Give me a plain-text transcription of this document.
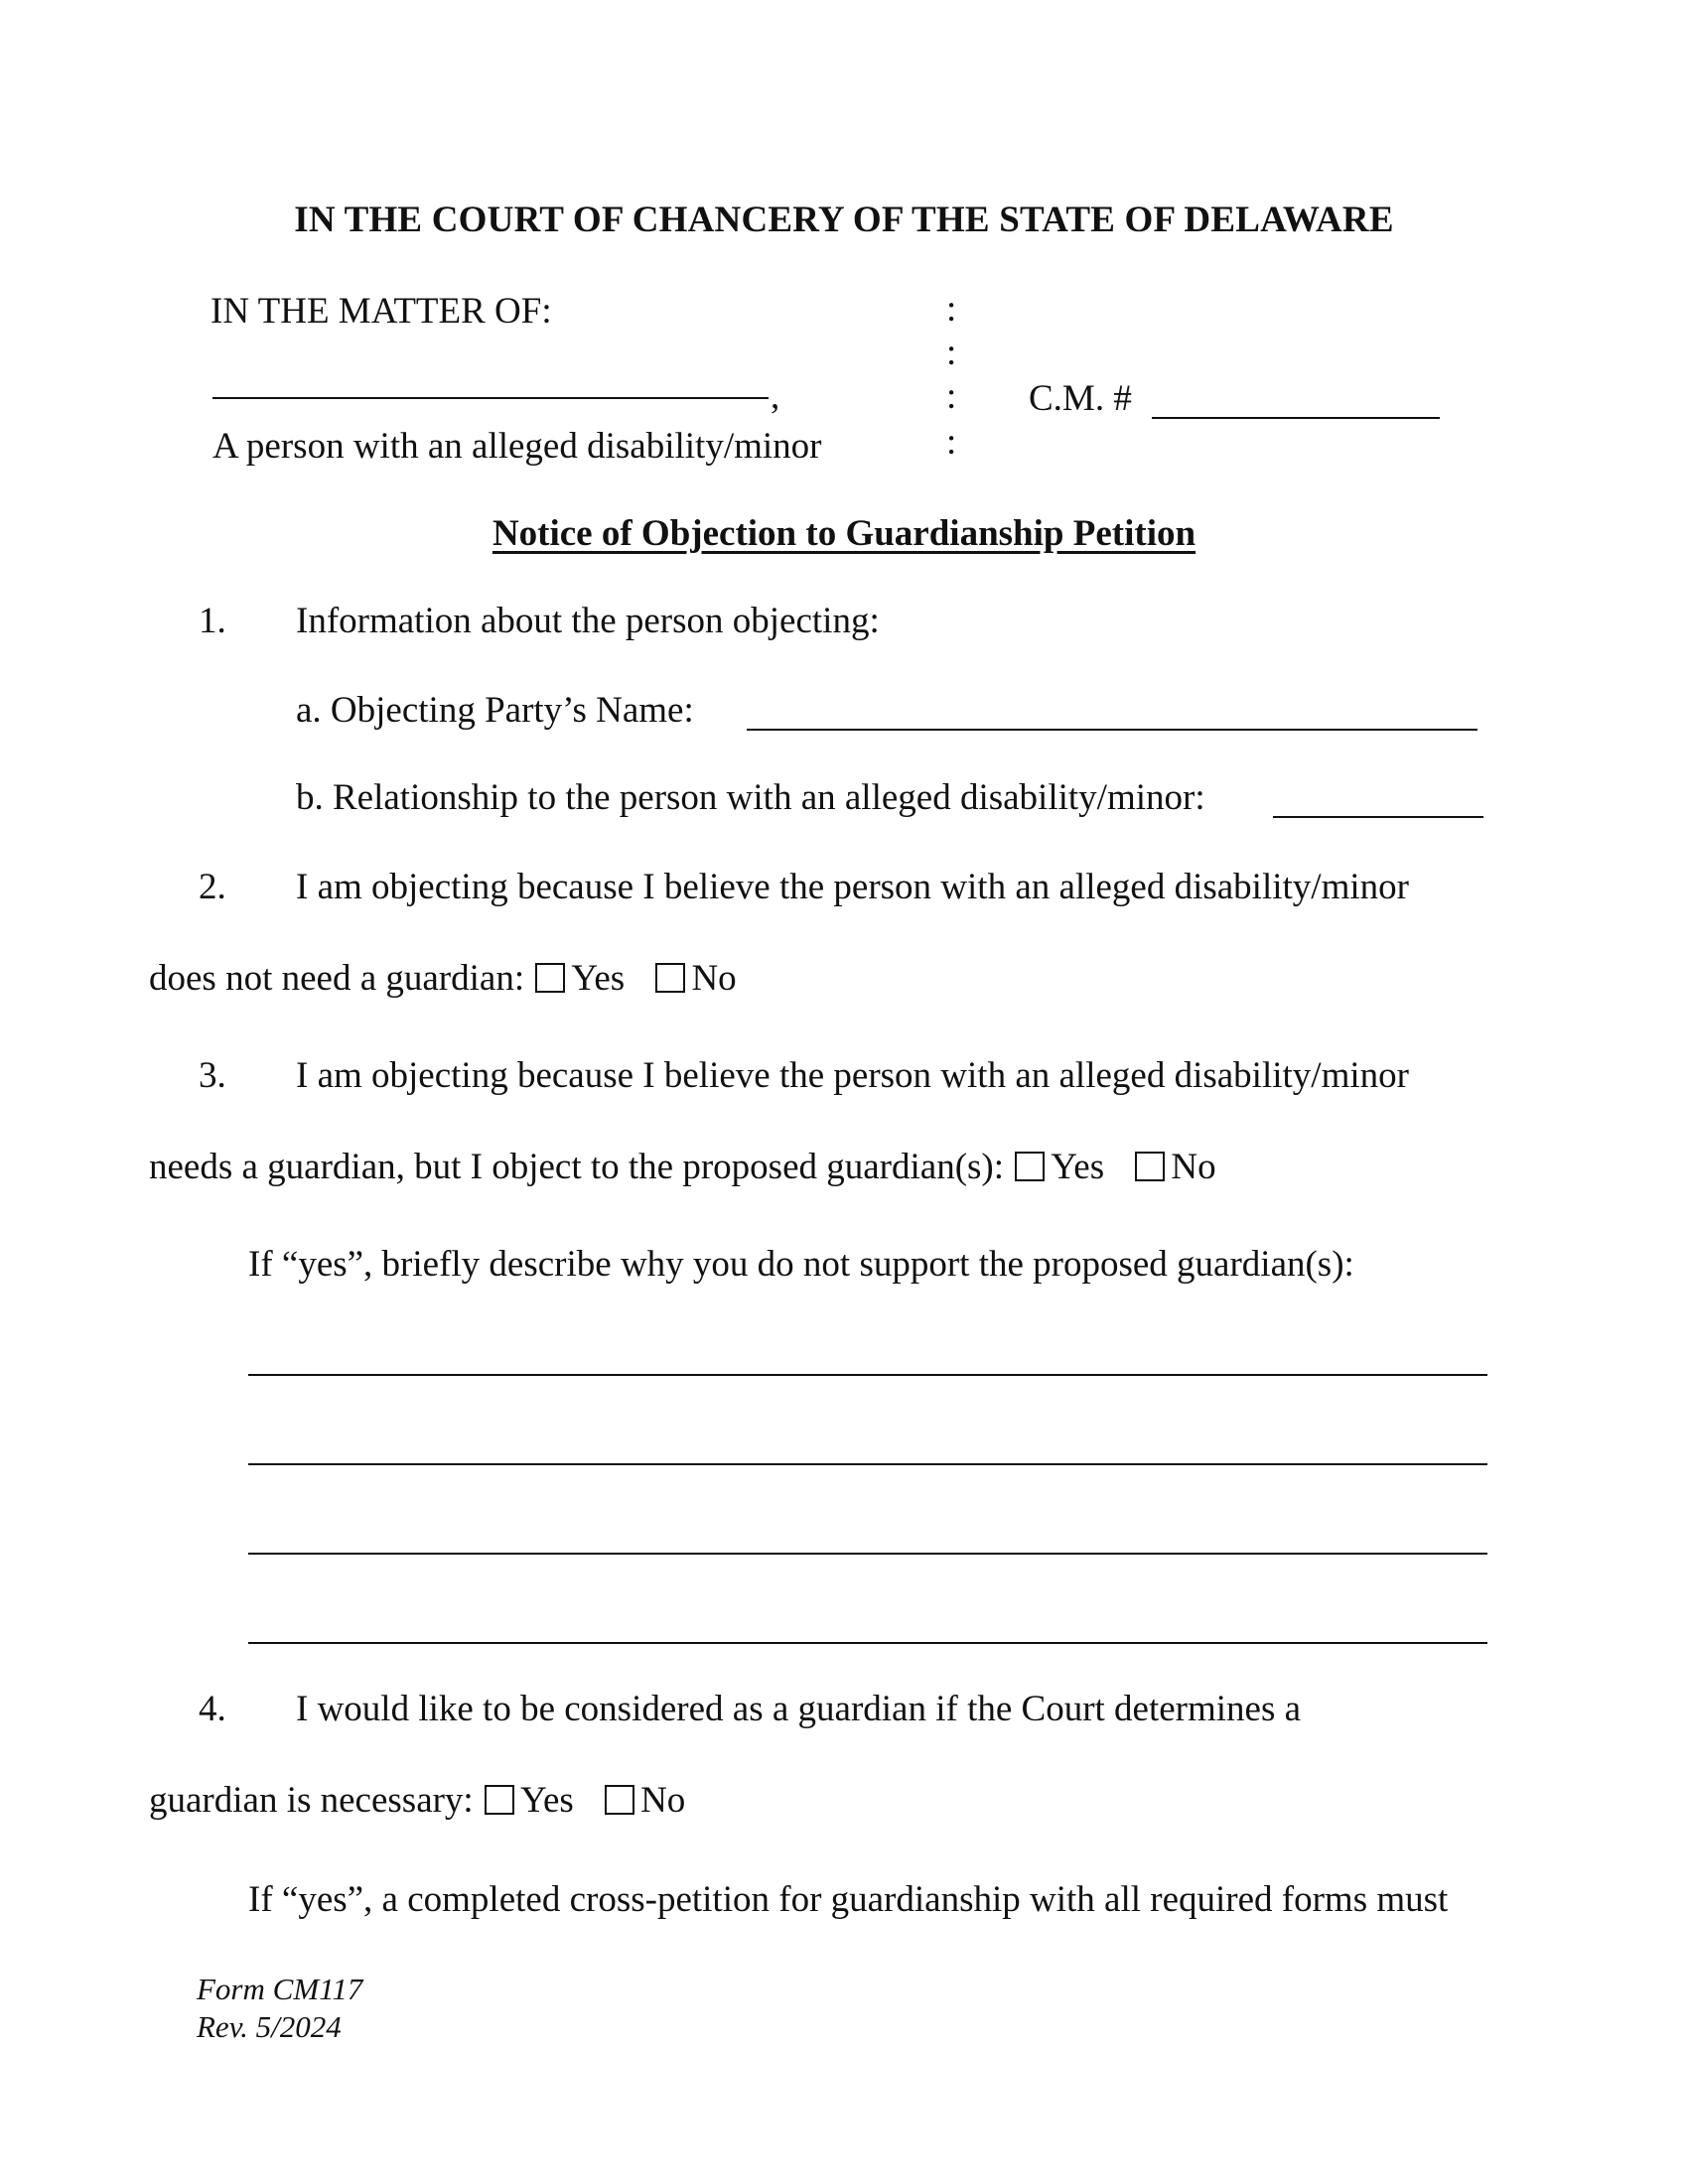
IN THE COURT OF CHANCERY OF THE STATE OF DELAWARE
IN THE MATTER OF:	:
:
:
:
,	C.M. #
A person with an alleged disability/minor
Notice of Objection to Guardianship Petition
1. Information about the person objecting:
a. Objecting Party’s Name:
b. Relationship to the person with an alleged disability/minor:
2. I am objecting because I believe the person with an alleged disability/minor
does not need a guardian: Yes No
3. I am objecting because I believe the person with an alleged disability/minor
needs a guardian, but I object to the proposed guardian(s): Yes No
If “yes”, briefly describe why you do not support the proposed guardian(s):
4. I would like to be considered as a guardian if the Court determines a
guardian is necessary: Yes No
If “yes”, a completed cross-petition for guardianship with all required forms must
Form CM117
Rev. 5/2024
